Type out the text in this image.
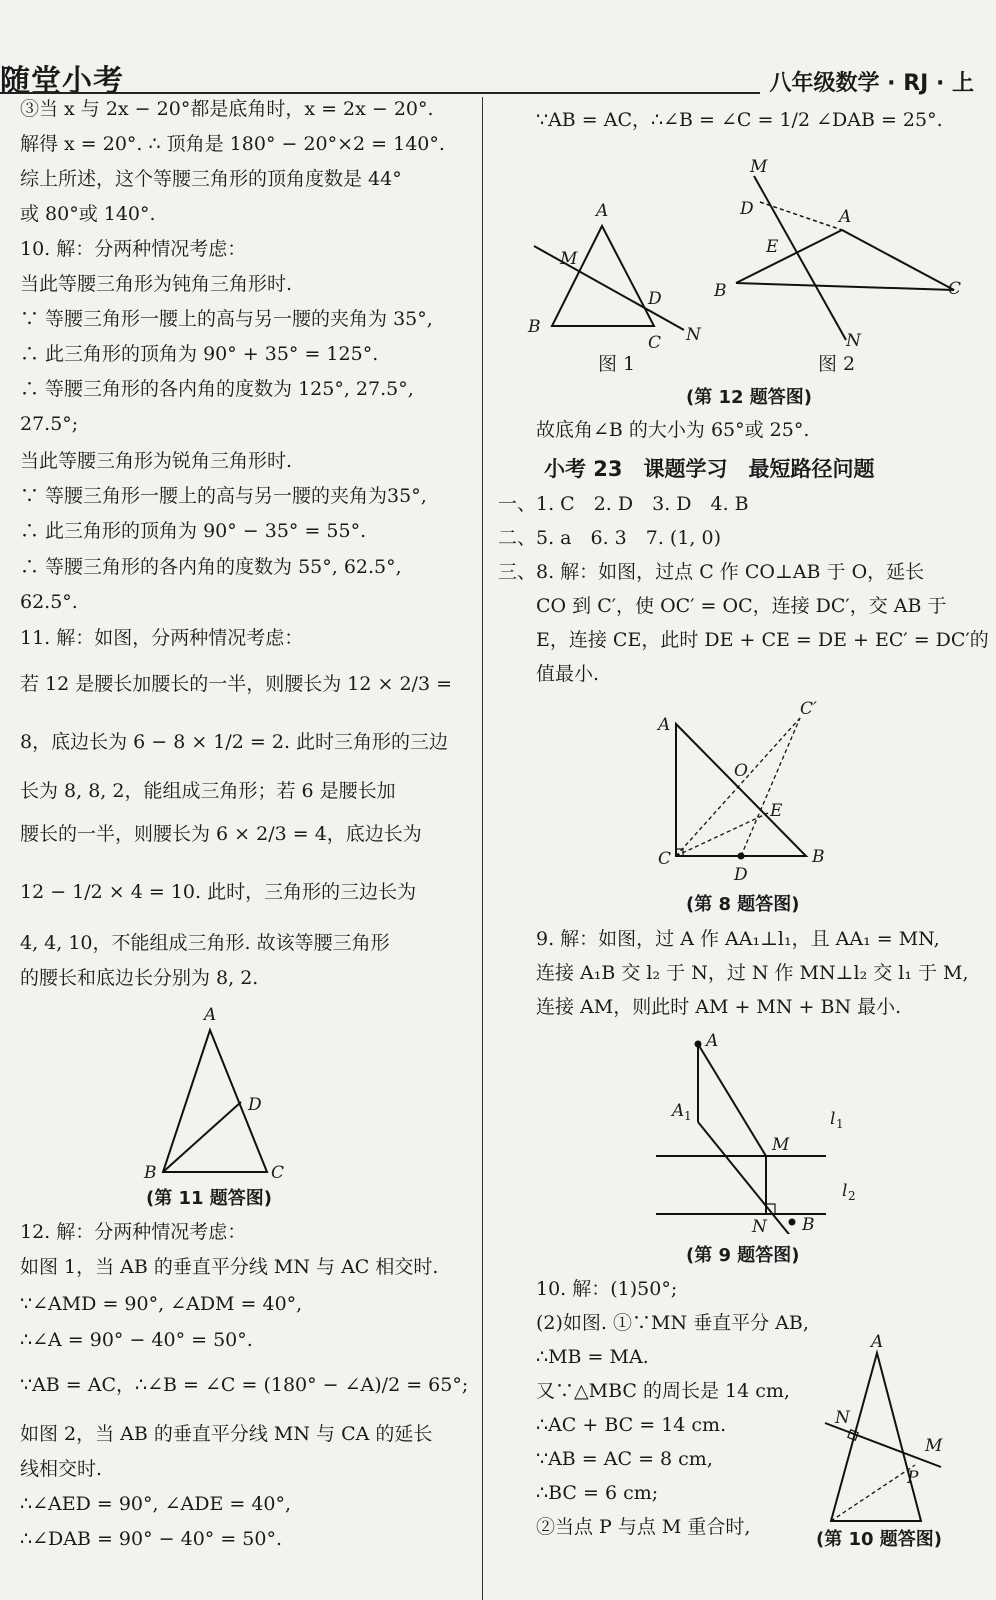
随堂小考	八年级数学 · RJ · 上
③当 x 与 2x − 20°都是底角时，x = 2x − 20°.
解得 x = 20°. ∴ 顶角是 180° − 20°×2 = 140°.
综上所述，这个等腰三角形的顶角度数是 44°
或 80°或 140°.
10. 解：分两种情况考虑：
当此等腰三角形为钝角三角形时.
∵ 等腰三角形一腰上的高与另一腰的夹角为 35°,
∴ 此三角形的顶角为 90° + 35° = 125°.
∴ 等腰三角形的各内角的度数为 125°, 27.5°,
27.5°;
当此等腰三角形为锐角三角形时.
∵ 等腰三角形一腰上的高与另一腰的夹角为35°,
∴ 此三角形的顶角为 90° − 35° = 55°.
∴ 等腰三角形的各内角的度数为 55°, 62.5°,
62.5°.
11. 解：如图，分两种情况考虑：
若 12 是腰长加腰长的一半，则腰长为 12 × 2/3 =
8，底边长为 6 − 8 × 1/2 = 2. 此时三角形的三边
长为 8, 8, 2，能组成三角形；若 6 是腰长加
腰长的一半，则腰长为 6 × 2/3 = 4，底边长为
12 − 1/2 × 4 = 10. 此时，三角形的三边长为
4, 4, 10，不能组成三角形. 故该等腰三角形
的腰长和底边长分别为 8, 2.
A
B	C
D
(第 11 题答图)
12. 解：分两种情况考虑：
如图 1，当 AB 的垂直平分线 MN 与 AC 相交时.
∵∠AMD = 90°, ∠ADM = 40°,
∴∠A = 90° − 40° = 50°.
∵AB = AC，∴∠B = ∠C = (180° − ∠A)/2 = 65°;
如图 2，当 AB 的垂直平分线 MN 与 CA 的延长
线相交时.
∴∠AED = 90°, ∠ADE = 40°,
∴∠DAB = 90° − 40° = 50°.
∵AB = AC，∴∠B = ∠C = 1/2 ∠DAB = 25°.
A
B
C
M
D
N
M
D	A
E
B	C
N
图 1	图 2
(第 12 题答图)
故底角∠B 的大小为 65°或 25°.
小考 23　课题学习　最短路径问题
一、1. C　2. D　3. D　4. B
二、5. a　6. 3　7. (1, 0)
三、8. 解：如图，过点 C 作 CO⊥AB 于 O，延长
CO 到 C′，使 OC′ = OC，连接 DC′，交 AB 于
E，连接 CE，此时 DE + CE = DE + EC′ = DC′的
值最小.
A
C	B
D
C′
O
E
(第 8 题答图)
9. 解：如图，过 A 作 AA₁⊥l₁，且 AA₁ = MN,
连接 A₁B 交 l₂ 于 N，过 N 作 MN⊥l₂ 交 l₁ 于 M,
连接 AM，则此时 AM + MN + BN 最小.
A
A 1
M
l 1
N
l 2
B
(第 9 题答图)
10. 解：(1)50°;
(2)如图. ①∵MN 垂直平分 AB,
∴MB = MA.
又∵△MBC 的周长是 14 cm,
∴AC + BC = 14 cm.
∵AB = AC = 8 cm,
∴BC = 6 cm;
②当点 P 与点 M 重合时,
A
N
M
P
(第 10 题答图)
